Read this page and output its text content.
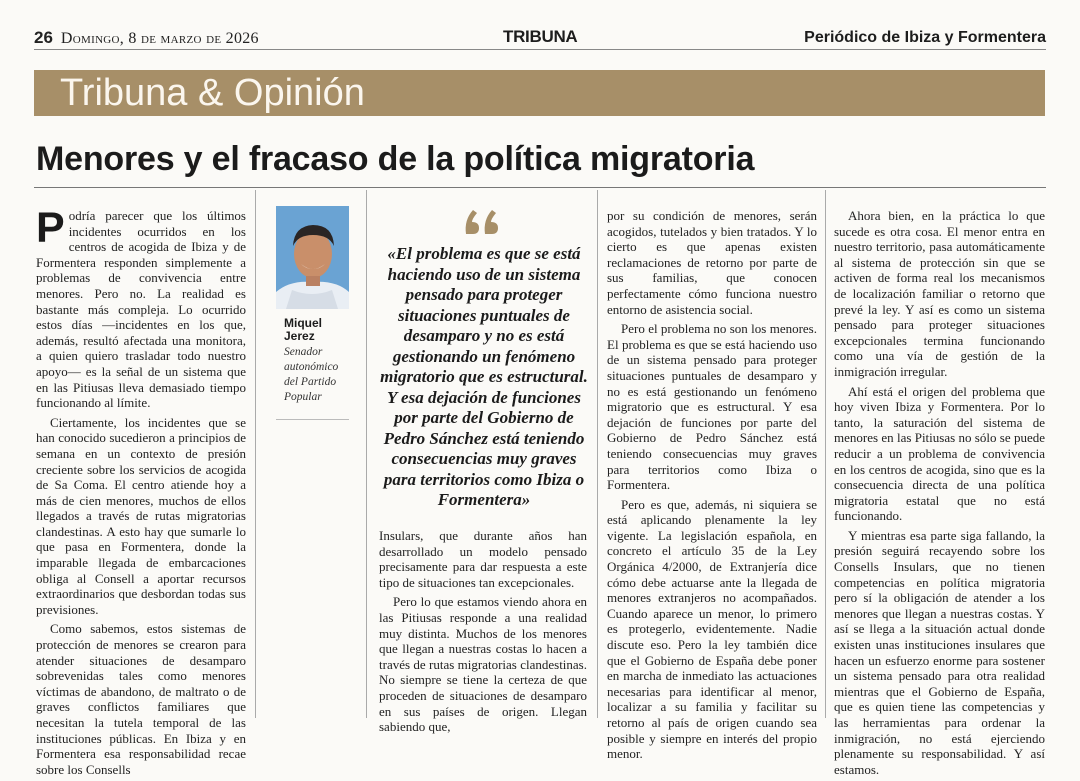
26 Domingo, 8 de marzo de 2026	TRIBUNA	Periódico de Ibiza y Formentera
Tribuna & Opinión
Menores y el fracaso de la política migratoria

Podría parecer que los últimos incidentes ocurridos en los centros de acogida de Ibiza y de Formentera responden simplemente a problemas de convivencia entre menores. Pero no. La realidad es bastante más compleja. Lo ocurrido estos días —incidentes en los que, además, resultó afectada una monitora, a quien quiero trasladar todo nuestro apoyo— es la señal de un sistema que en las Pitiusas lleva demasiado tiempo funcionando al límite.

Ciertamente, los incidentes que se han conocido sucedieron a principios de semana en un contexto de presión creciente sobre los servicios de acogida de Sa Coma. El centro atiende hoy a más de cien menores, muchos de ellos llegados a través de rutas migratorias clandestinas. A esto hay que sumarle lo que pasa en Formentera, donde la imparable llegada de embarcaciones obliga al Consell a aportar recursos extraordinarios que desbordan todas sus previsiones.

Como sabemos, estos sistemas de protección de menores se crearon para atender situaciones de desamparo sobrevenidas tales como menores víctimas de abandono, de maltrato o de graves conflictos familiares que necesitan la tutela temporal de las instituciones públicas. En Ibiza y en Formentera esa responsabilidad recae sobre los Consells

Miquel Jerez
Senador autonómico del Partido Popular
«El problema es que se está haciendo uso de un sistema pensado para proteger situaciones puntuales de desamparo y no es está gestionando un fenómeno migratorio que es estructural. Y esa dejación de funciones por parte del Gobierno de Pedro Sánchez está teniendo consecuencias muy graves para territorios como Ibiza o Formentera»

Insulars, que durante años han desarrollado un modelo pensado precisamente para dar respuesta a este tipo de situaciones tan excepcionales.

Pero lo que estamos viendo ahora en las Pitiusas responde a una realidad muy distinta. Muchos de los menores que llegan a nuestras costas lo hacen a través de rutas migratorias clandestinas. No siempre se tiene la certeza de que proceden de situaciones de desamparo en sus países de origen. Llegan sabiendo que,

por su condición de menores, serán acogidos, tutelados y bien tratados. Y lo cierto es que apenas existen reclamaciones de retorno por parte de sus familias, que conocen perfectamente cómo funciona nuestro entorno de asistencia social.

Pero el problema no son los menores. El problema es que se está haciendo uso de un sistema pensado para proteger situaciones puntuales de desamparo y no es está gestionando un fenómeno migratorio que es estructural. Y esa dejación de funciones por parte del Gobierno de Pedro Sánchez está teniendo consecuencias muy graves para territorios como Ibiza o Formentera.

Pero es que, además, ni siquiera se está aplicando plenamente la ley vigente. La legislación española, en concreto el artículo 35 de la Ley Orgánica 4/2000, de Extranjería dice cómo debe actuarse ante la llegada de menores extranjeros no acompañados. Cuando aparece un menor, lo primero es protegerlo, evidentemente. Nadie discute eso. Pero la ley también dice que el Gobierno de España debe poner en marcha de inmediato las actuaciones necesarias para identificar al menor, localizar a su familia y facilitar su retorno al país de origen cuando sea posible y siempre en interés del propio menor.

Ahora bien, en la práctica lo que sucede es otra cosa. El menor entra en nuestro territorio, pasa automáticamente al sistema de protección sin que se activen de forma real los mecanismos de localización familiar o retorno que prevé la ley. Y así es como un sistema pensado para proteger situaciones excepcionales termina funcionando como una vía de gestión de la inmigración irregular.

Ahí está el origen del problema que hoy viven Ibiza y Formentera. Por lo tanto, la saturación del sistema de menores en las Pitiusas no sólo se puede reducir a un problema de convivencia en los centros de acogida, sino que es la consecuencia directa de una política migratoria estatal que no está funcionando.

Y mientras esa parte siga fallando, la presión seguirá recayendo sobre los Consells Insulars, que no tienen competencias en política migratoria pero sí la obligación de atender a los menores que llegan a nuestras costas. Y así se llega a la situación actual donde existen unas instituciones insulares que hacen un esfuerzo enorme para sostener un sistema pensado para otra realidad mientras que el Gobierno de España, que es quien tiene las competencias y las herramientas para ordenar la inmigración, no está ejerciendo plenamente su responsabilidad. Y así estamos.
